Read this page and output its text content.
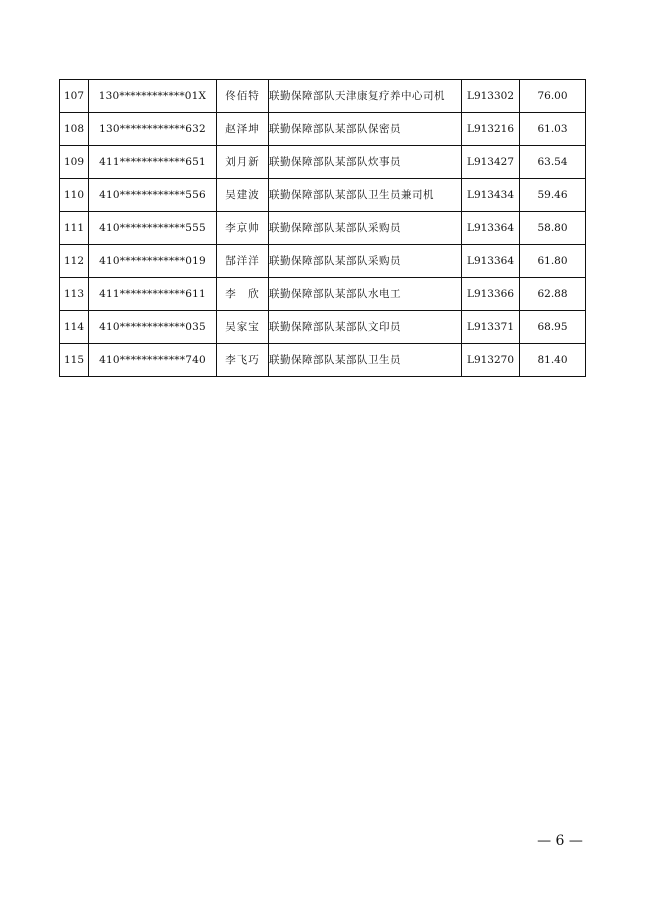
107	130************01X	佟佰特	联勤保障部队天津康复疗养中心司机	L913302	76.00
108	130************632	赵泽坤	联勤保障部队某部队保密员	L913216	61.03
109	411************651	刘月新	联勤保障部队某部队炊事员	L913427	63.54
110	410************556	吴建波	联勤保障部队某部队卫生员兼司机	L913434	59.46
111	410************555	李京帅	联勤保障部队某部队采购员	L913364	58.80
112	410************019	郜洋洋	联勤保障部队某部队采购员	L913364	61.80
113	411************611	李　欣	联勤保障部队某部队水电工	L913366	62.88
114	410************035	吴家宝	联勤保障部队某部队文印员	L913371	68.95
115	410************740	李飞巧	联勤保障部队某部队卫生员	L913270	81.40
— 6 —
